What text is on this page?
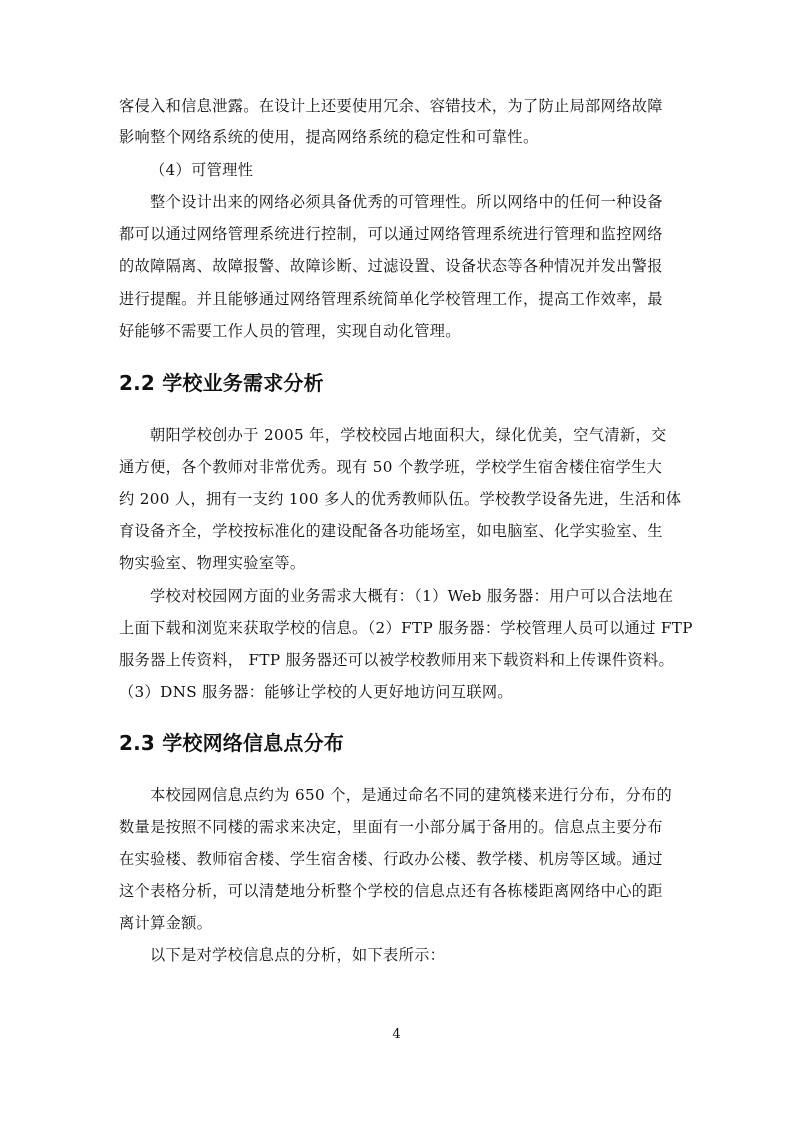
客侵入和信息泄露。在设计上还要使用冗余、容错技术，为了防止局部网络故障
影响整个网络系统的使用，提高网络系统的稳定性和可靠性。
（4）可管理性
整个设计出来的网络必须具备优秀的可管理性。所以网络中的任何一种设备
都可以通过网络管理系统进行控制，可以通过网络管理系统进行管理和监控网络
的故障隔离、故障报警、故障诊断、过滤设置、设备状态等各种情况并发出警报
进行提醒。并且能够通过网络管理系统简单化学校管理工作，提高工作效率，最
好能够不需要工作人员的管理，实现自动化管理。
2.2 学校业务需求分析
朝阳学校创办于 2005 年，学校校园占地面积大，绿化优美，空气清新，交
通方便，各个教师对非常优秀。现有 50 个教学班，学校学生宿舍楼住宿学生大
约 200 人，拥有一支约 100 多人的优秀教师队伍。学校教学设备先进，生活和体
育设备齐全，学校按标准化的建设配备各功能场室，如电脑室、化学实验室、生
物实验室、物理实验室等。
学校对校园网方面的业务需求大概有：（1）Web 服务器：用户可以合法地在
上面下载和浏览来获取学校的信息。（2）FTP 服务器：学校管理人员可以通过 FTP
服务器上传资料， FTP 服务器还可以被学校教师用来下载资料和上传课件资料。
（3）DNS 服务器：能够让学校的人更好地访问互联网。
2.3 学校网络信息点分布
本校园网信息点约为 650 个，是通过命名不同的建筑楼来进行分布，分布的
数量是按照不同楼的需求来决定，里面有一小部分属于备用的。信息点主要分布
在实验楼、教师宿舍楼、学生宿舍楼、行政办公楼、教学楼、机房等区域。通过
这个表格分析，可以清楚地分析整个学校的信息点还有各栋楼距离网络中心的距
离计算金额。
以下是对学校信息点的分析，如下表所示：
4
